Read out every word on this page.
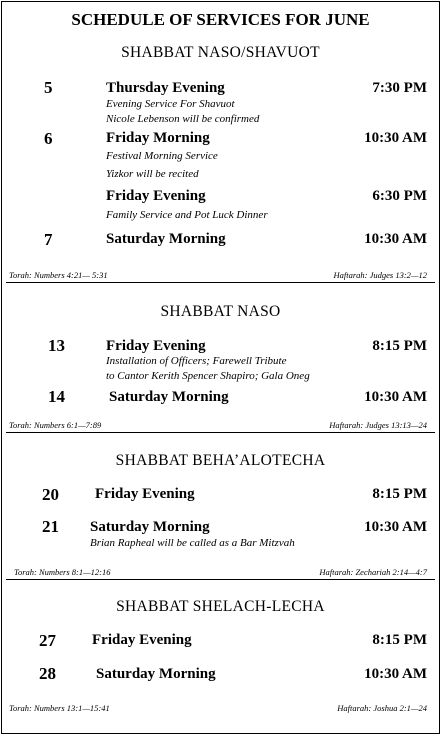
SCHEDULE OF SERVICES FOR JUNE
SHABBAT NASO/SHAVUOT
5	Thursday Evening	7:30 PM
Evening Service For Shavuot
Nicole Lebenson will be confirmed
6	Friday Morning	10:30 AM
Festival Morning Service
Yizkor will be recited
Friday Evening	6:30 PM
Family Service and Pot Luck Dinner
7	Saturday Morning	10:30 AM
Torah: Numbers 4:21— 5:31	Haftarah: Judges 13:2—12
SHABBAT NASO
13	Friday Evening	8:15 PM
Installation of Officers; Farewell Tribute
to Cantor Kerith Spencer Shapiro; Gala Oneg
14	Saturday Morning	10:30 AM
Torah: Numbers 6:1—7:89	Haftarah: Judges 13:13—24
SHABBAT BEHA’ALOTECHA
20 Friday Evening	8:15 PM
21 Saturday Morning	10:30 AM
Brian Rapheal will be called as a Bar Mitzvah
Torah: Numbers 8:1—12:16	Haftarah: Zechariah 2:14—4:7
SHABBAT SHELACH-LECHA
27 Friday Evening	8:15 PM
28	Saturday Morning	10:30 AM
Torah: Numbers 13:1—15:41	Haftarah: Joshua 2:1—24
